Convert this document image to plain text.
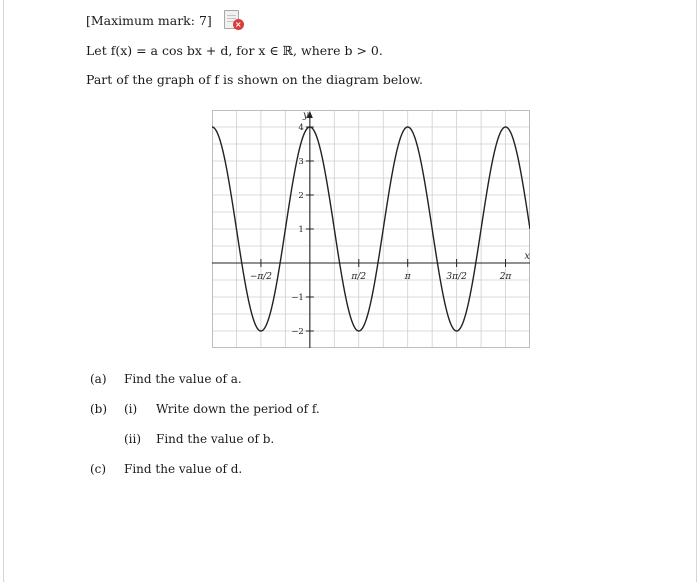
[Maximum mark: 7]	×
Let f(x) = a cos bx + d, for x ∈ ℝ, where b > 0.
Part of the graph of f is shown on the diagram below.
−π/2	π/2	π	3π/2	2π
4
3
2
1
−1
−2
x
y
(a) Find the value of a.
(b) (i) Write down the period of f.
(ii) Find the value of b.
(c) Find the value of d.
